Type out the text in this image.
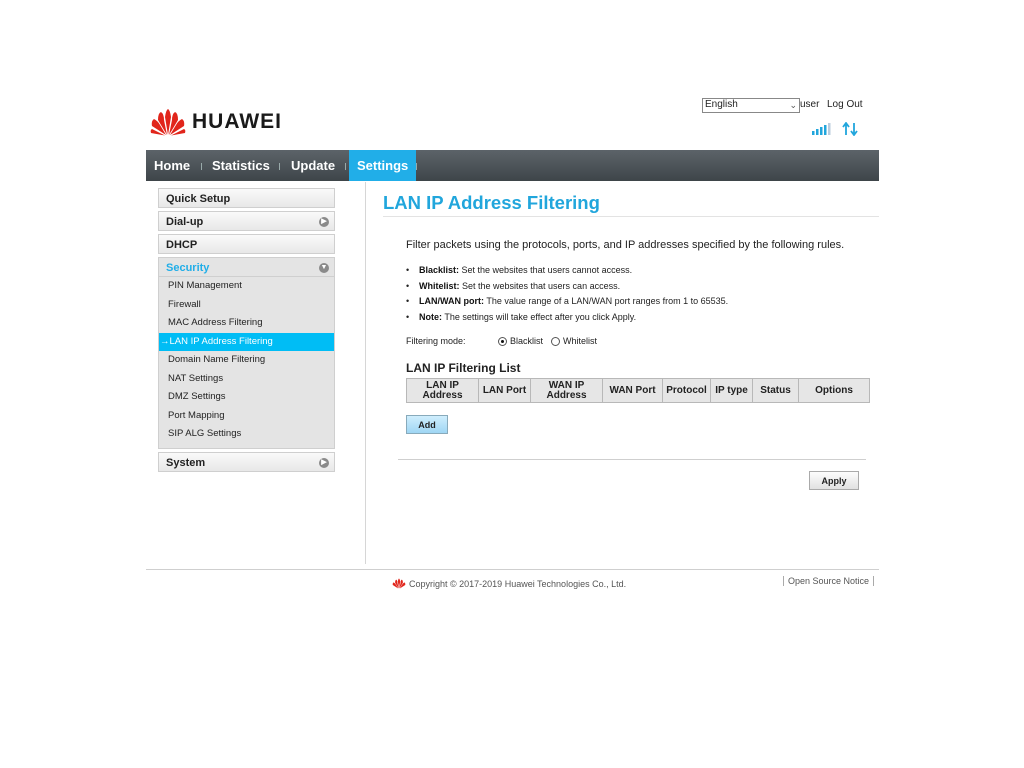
HUAWEI
English	⌄ user Log Out
Home Statistics Update	Settings
Quick Setup
Dial-up	▶
DHCP
Security	▼
PIN Management
Firewall
MAC Address Filtering
→LAN IP Address Filtering
Domain Name Filtering
NAT Settings
DMZ Settings
Port Mapping
SIP ALG Settings
System	▶
LAN IP Address Filtering
Filter packets using the protocols, ports, and IP addresses specified by the following rules.
• Blacklist: Set the websites that users cannot access.
• Whitelist: Set the websites that users can access.
• LAN/WAN port: The value range of a LAN/WAN port ranges from 1 to 65535.
• Note: The settings will take effect after you click Apply.
Filtering mode:	Blacklist Whitelist
LAN IP Filtering List
LAN IP Address	LAN Port	WAN IP Address	WAN Port	Protocol	IP type	Status	Options
Add
Apply
Copyright © 2017-2019 Huawei Technologies Co., Ltd.	Open Source Notice
